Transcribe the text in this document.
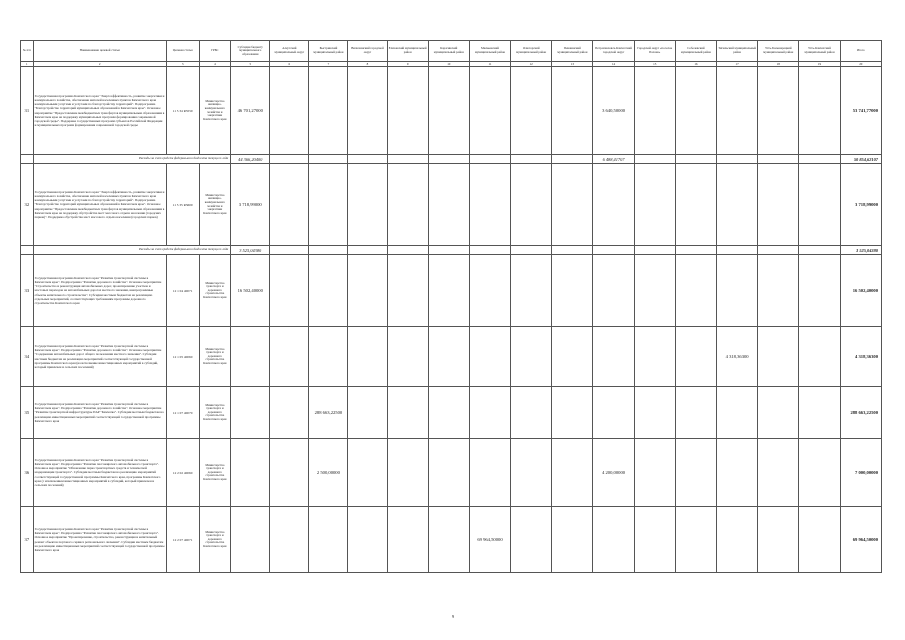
№ п/п	Наименование целевой статьи	Целевая статья	ГРБС	Субсидия бюджету муниципального образования	Алеутский муниципальный округ	Быстринский муниципальный район	Вилючинский городской округ	Елизовский муниципальный район	Карагинский муниципальный район	Мильковский муниципальный район	Олюторский муниципальный район	Пенжинский муниципальный район	Петропавловск-Камчатский городской округ	Городской округ «поселок Палана»	Соболевский муниципальный район	Тигильский муниципальный район	Усть-Большерецкий муниципальный район	Усть-Камчатский муниципальный район	Итого
1	2	3	4	5	6	7	8	9	10	11	12	13	14	15	16	17	18	19	20
31	Государственная программа Камчатского края "Энергоэффективность, развитие энергетики и коммунального хозяйства, обеспечение жителей населенных пунктов Камчатского края коммунальными услугами и услугами по благоустройству территорий". Подпрограмма "Благоустройство территорий муниципальных образований в Камчатском крае". Основное мероприятие "Предоставление межбюджетных трансфертов муниципальным образованиям в Камчатском крае на поддержку муниципальных программ формирования современной городской среды". Поддержка государственных программ субъектов Российской Федерации и муниципальных программ формирования современной городской среды	11 5 34 R5550	Министерство жилищно-коммунального хозяйства и энергетики Камчатского края	46 701,27000									3 640,50000						53 741,77000
	Расходы за счет средств федерального бюджета текущего года			44 366,20400									6 488,41707						50 854,62107
32	Государственная программа Камчатского края "Энергоэффективность, развитие энергетики и коммунального хозяйства, обеспечение жителей населенных пунктов Камчатского края коммунальными услугами и услугами по благоустройству территорий". Подпрограмма "Благоустройство территорий муниципальных образований в Камчатском крае". Основное мероприятие "Предоставление межбюджетных трансфертов муниципальным образованиям в Камчатском крае на поддержку обустройства мест массового отдыха населения (городских парков)". Поддержка обустройства мест массового отдыха населения (городских парков)	11 5 35 R5600	Министерство жилищно-коммунального хозяйства и энергетики Камчатского края	3 718,99000															3 718,99000
	Расходы за счет средств федерального бюджета текущего года			3 525,04380															3 525,04380
33	Государственная программа Камчатского края "Развитие транспортной системы в Камчатском крае". Подпрограмма "Развитие дорожного хозяйства". Основное мероприятие "Строительство и реконструкция автомобильных дорог, проектирование участков и мостовых переходов на автомобильных дорогах местного значения, внепрограммные объекты капитального строительства". Субсидии местным бюджетам на реализацию отдельных мероприятий, соответствующих требованиям программы дорожного строительства Камчатского края	12 1 04 40071	Министерство транспорта и дорожного строительства Камчатского края	16 502,40000															16 502,40000
34	Государственная программа Камчатского края "Развитие транспортной системы в Камчатском крае". Подпрограмма "Развитие дорожного хозяйства". Основное мероприятие "Содержание автомобильных дорог общего пользования местного значения". Субсидии местным бюджетам на реализацию мероприятий соответствующей государственной программы Камчатского края (на исполнение инвестиционных мероприятий в субсидий, который привлечен и сельских поселений)	12 1 05 40060	Министерство транспорта и дорожного строительства Камчатского края													4 318,36300			4 318,36300
35	Государственная программа Камчатского края "Развитие транспортной системы в Камчатском крае". Подпрограмма "Развитие дорожного хозяйства". Основное мероприятие "Развитие транспортной инфраструктуры ПАР "Камчатка". Субсидии местным бюджетам на реализацию инвестиционных мероприятий соответствующей государственной программы Камчатского края	12 1 07 40070	Министерство транспорта и дорожного строительства Камчатского края			288 663,22500													288 663,22500
36	Государственная программа Камчатского края "Развитие транспортной системы в Камчатском крае". Подпрограмма "Развитие пассажирского автомобильного транспорта". Основное мероприятие "Обновление парка транспортных средств и технической модернизации транспорта". Субсидии местным бюджетам на реализацию мероприятий соответствующей государственной программы Камчатского края, программы Камчатского края (с исключением инвестиционных мероприятий в субсидий, который привлечен и сельских поселений)	12 2 02 40060	Министерство транспорта и дорожного строительства Камчатского края			2 500,00000							4 200,00000						7 000,00000
37	Государственная программа Камчатского края "Развитие транспортной системы в Камчатском крае". Подпрограмма "Развитие пассажирского автомобильного транспорта". Основное мероприятие "Проектирование, строительство, реконструкция и капитальный ремонт объектов портового сервиса регионального значения". Субсидии местным бюджетам на реализацию инвестиционных мероприятий соответствующей государственной программы Камчатского края	12 2 07 40071	Министерство транспорта и дорожного строительства Камчатского края							69 964,50000									69 964,50000
9
